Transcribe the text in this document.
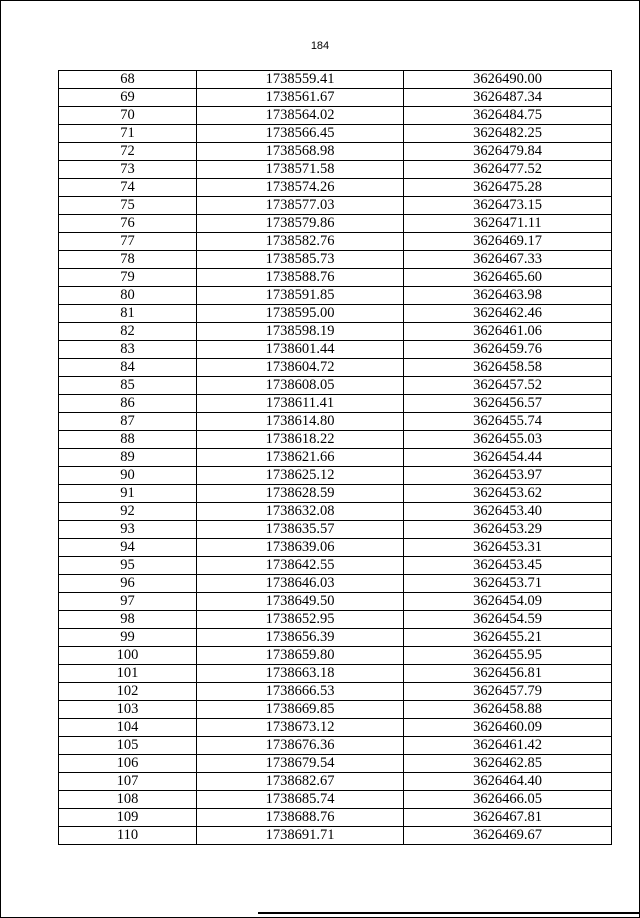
184
68	1738559.41	3626490.00
69	1738561.67	3626487.34
70	1738564.02	3626484.75
71	1738566.45	3626482.25
72	1738568.98	3626479.84
73	1738571.58	3626477.52
74	1738574.26	3626475.28
75	1738577.03	3626473.15
76	1738579.86	3626471.11
77	1738582.76	3626469.17
78	1738585.73	3626467.33
79	1738588.76	3626465.60
80	1738591.85	3626463.98
81	1738595.00	3626462.46
82	1738598.19	3626461.06
83	1738601.44	3626459.76
84	1738604.72	3626458.58
85	1738608.05	3626457.52
86	1738611.41	3626456.57
87	1738614.80	3626455.74
88	1738618.22	3626455.03
89	1738621.66	3626454.44
90	1738625.12	3626453.97
91	1738628.59	3626453.62
92	1738632.08	3626453.40
93	1738635.57	3626453.29
94	1738639.06	3626453.31
95	1738642.55	3626453.45
96	1738646.03	3626453.71
97	1738649.50	3626454.09
98	1738652.95	3626454.59
99	1738656.39	3626455.21
100	1738659.80	3626455.95
101	1738663.18	3626456.81
102	1738666.53	3626457.79
103	1738669.85	3626458.88
104	1738673.12	3626460.09
105	1738676.36	3626461.42
106	1738679.54	3626462.85
107	1738682.67	3626464.40
108	1738685.74	3626466.05
109	1738688.76	3626467.81
110	1738691.71	3626469.67
